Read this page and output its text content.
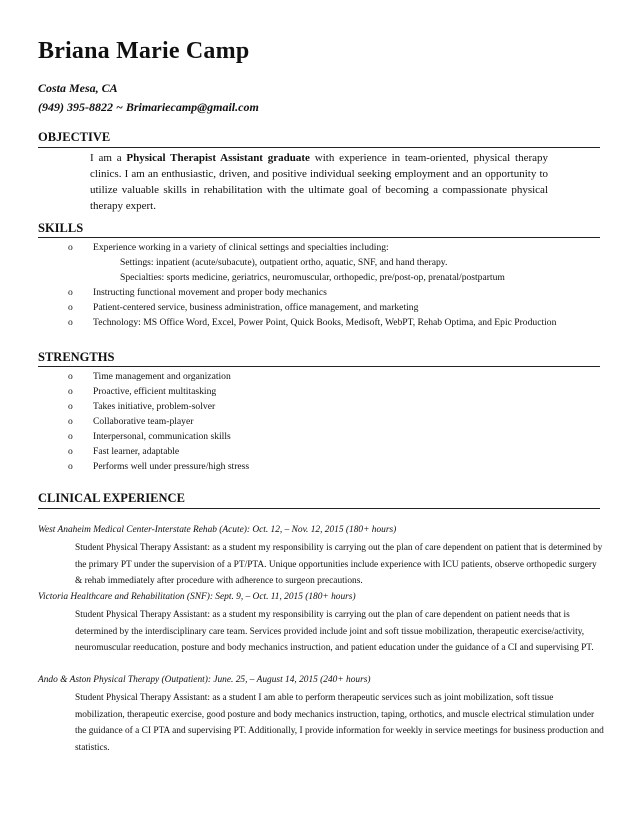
Briana Marie Camp
Costa Mesa, CA
(949) 395-8822 ~ Brimariecamp@gmail.com
OBJECTIVE
I am a Physical Therapist Assistant graduate with experience in team-oriented, physical therapy clinics. I am an enthusiastic, driven, and positive individual seeking employment and an opportunity to utilize valuable skills in rehabilitation with the ultimate goal of becoming a compassionate physical therapy expert.
SKILLS
o Experience working in a variety of clinical settings and specialties including:
Settings: inpatient (acute/subacute), outpatient ortho, aquatic, SNF, and hand therapy.
Specialties: sports medicine, geriatrics, neuromuscular, orthopedic, pre/post-op, prenatal/postpartum
o Instructing functional movement and proper body mechanics
o Patient-centered service, business administration, office management, and marketing
o Technology: MS Office Word, Excel, Power Point, Quick Books, Medisoft, WebPT, Rehab Optima, and Epic Production
STRENGTHS
o Time management and organization
o Proactive, efficient multitasking
o Takes initiative, problem-solver
o Collaborative team-player
o Interpersonal, communication skills
o Fast learner, adaptable
o Performs well under pressure/high stress
CLINICAL EXPERIENCE
West Anaheim Medical Center-Interstate Rehab (Acute): Oct. 12, – Nov. 12, 2015 (180+ hours)
Student Physical Therapy Assistant: as a student my responsibility is carrying out the plan of care dependent on patient that is determined by the primary PT under the supervision of a PT/PTA. Unique opportunities include experience with ICU patients, observe orthopedic surgery & rehab immediately after procedure with adherence to surgeon precautions.
Victoria Healthcare and Rehabilitation (SNF): Sept. 9, – Oct. 11, 2015 (180+ hours)
Student Physical Therapy Assistant: as a student my responsibility is carrying out the plan of care dependent on patient needs that is determined by the interdisciplinary care team. Services provided include joint and soft tissue mobilization, therapeutic exercise/activity, neuromuscular reeducation, posture and body mechanics instruction, and patient education under the guidance of a CI and supervising PT.
Ando & Aston Physical Therapy (Outpatient): June. 25, – August 14, 2015 (240+ hours)
Student Physical Therapy Assistant: as a student I am able to perform therapeutic services such as joint mobilization, soft tissue mobilization, therapeutic exercise, good posture and body mechanics instruction, taping, orthotics, and muscle electrical stimulation under the guidance of a CI PTA and supervising PT. Additionally, I provide information for weekly in service meetings for business production and statistics.
